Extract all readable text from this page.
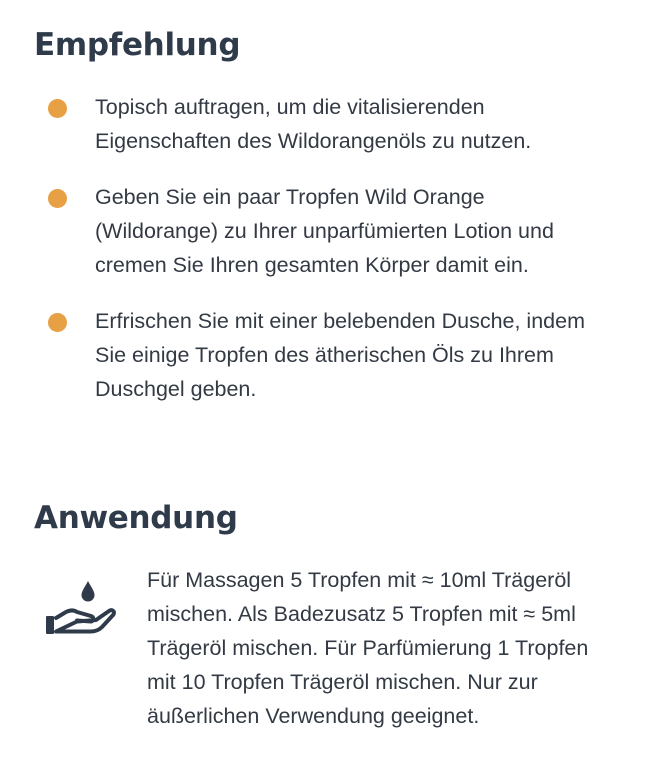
Empfehlung
Topisch auftragen, um die vitalisierenden Eigenschaften des Wildorangenöls zu nutzen.
Geben Sie ein paar Tropfen Wild Orange (Wildorange) zu Ihrer unparfümierten Lotion und cremen Sie Ihren gesamten Körper damit ein.
Erfrischen Sie mit einer belebenden Dusche, indem Sie einige Tropfen des ätherischen Öls zu Ihrem Duschgel geben.
Anwendung

Für Massagen 5 Tropfen mit ≈ 10ml Trägeröl mischen. Als Badezusatz 5 Tropfen mit ≈ 5ml Trägeröl mischen. Für Parfümierung 1 Tropfen mit 10 Tropfen Trägeröl mischen. Nur zur äußerlichen Verwendung geeignet.
